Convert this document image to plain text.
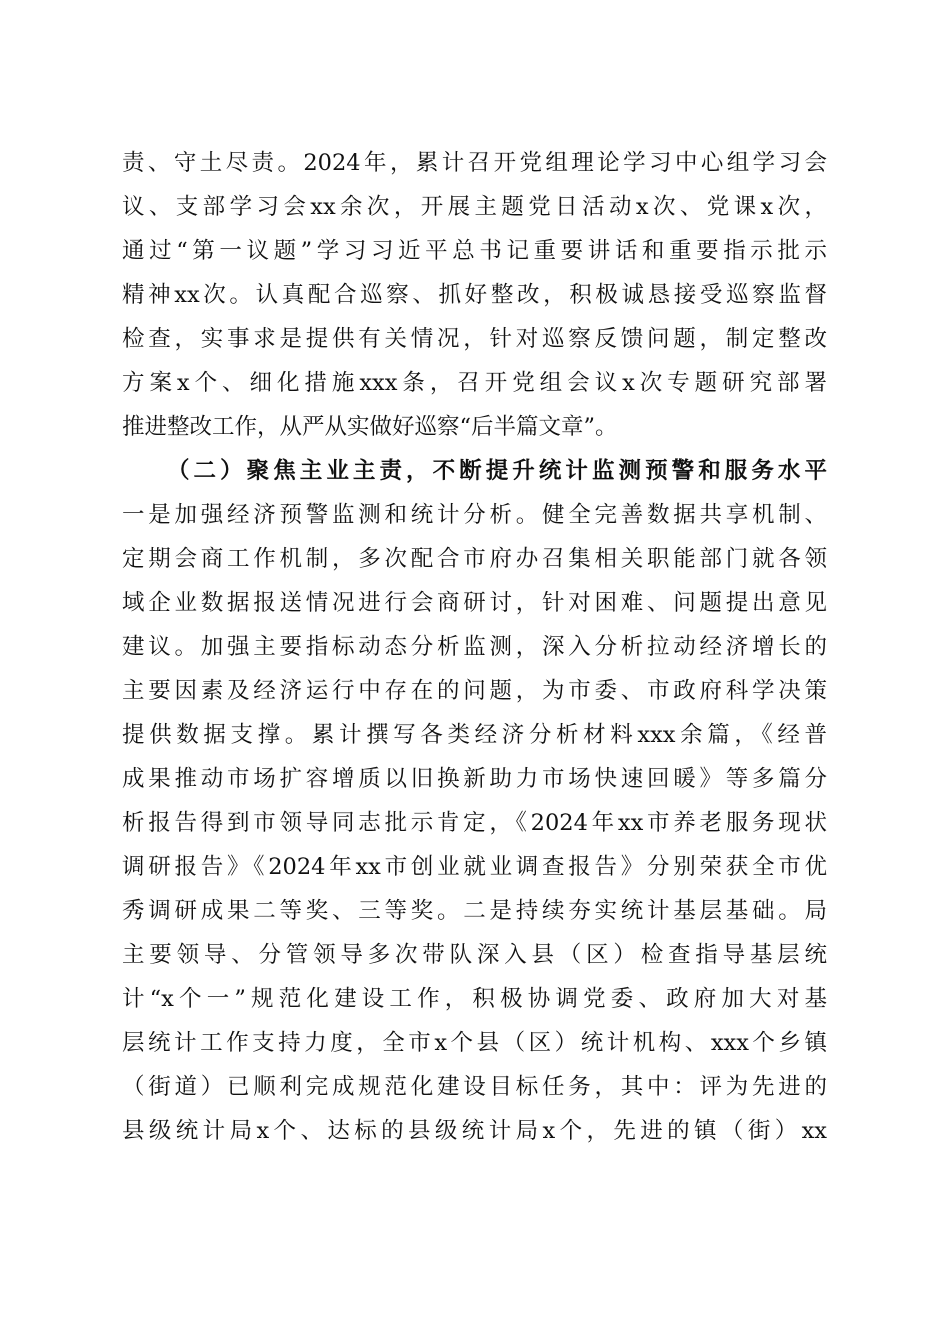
责、守土尽责。2024年，累计召开党组理论学习中心组学习会
议、支部学习会xx余次，开展主题党日活动x次、党课x次，
通过“第一议题”学习习近平总书记重要讲话和重要指示批示
精神xx次。认真配合巡察、抓好整改，积极诚恳接受巡察监督
检查，实事求是提供有关情况，针对巡察反馈问题，制定整改
方案x个、细化措施xxx条，召开党组会议x次专题研究部署
推进整改工作，从严从实做好巡察“后半篇文章”。
（二）聚焦主业主责，不断提升统计监测预警和服务水平
一是加强经济预警监测和统计分析。健全完善数据共享机制、
定期会商工作机制，多次配合市府办召集相关职能部门就各领
域企业数据报送情况进行会商研讨，针对困难、问题提出意见
建议。加强主要指标动态分析监测，深入分析拉动经济增长的
主要因素及经济运行中存在的问题，为市委、市政府科学决策
提供数据支撑。累计撰写各类经济分析材料xxx余篇，《经普
成果推动市场扩容增质以旧换新助力市场快速回暖》等多篇分
析报告得到市领导同志批示肯定，《2024年xx市养老服务现状
调研报告》《2024年xx市创业就业调查报告》分别荣获全市优
秀调研成果二等奖、三等奖。二是持续夯实统计基层基础。局
主要领导、分管领导多次带队深入县（区）检查指导基层统
计“x个一”规范化建设工作，积极协调党委、政府加大对基
层统计工作支持力度，全市x个县（区）统计机构、xxx个乡镇
（街道）已顺利完成规范化建设目标任务，其中：评为先进的
县级统计局x个、达标的县级统计局x个，先进的镇（街）xx
